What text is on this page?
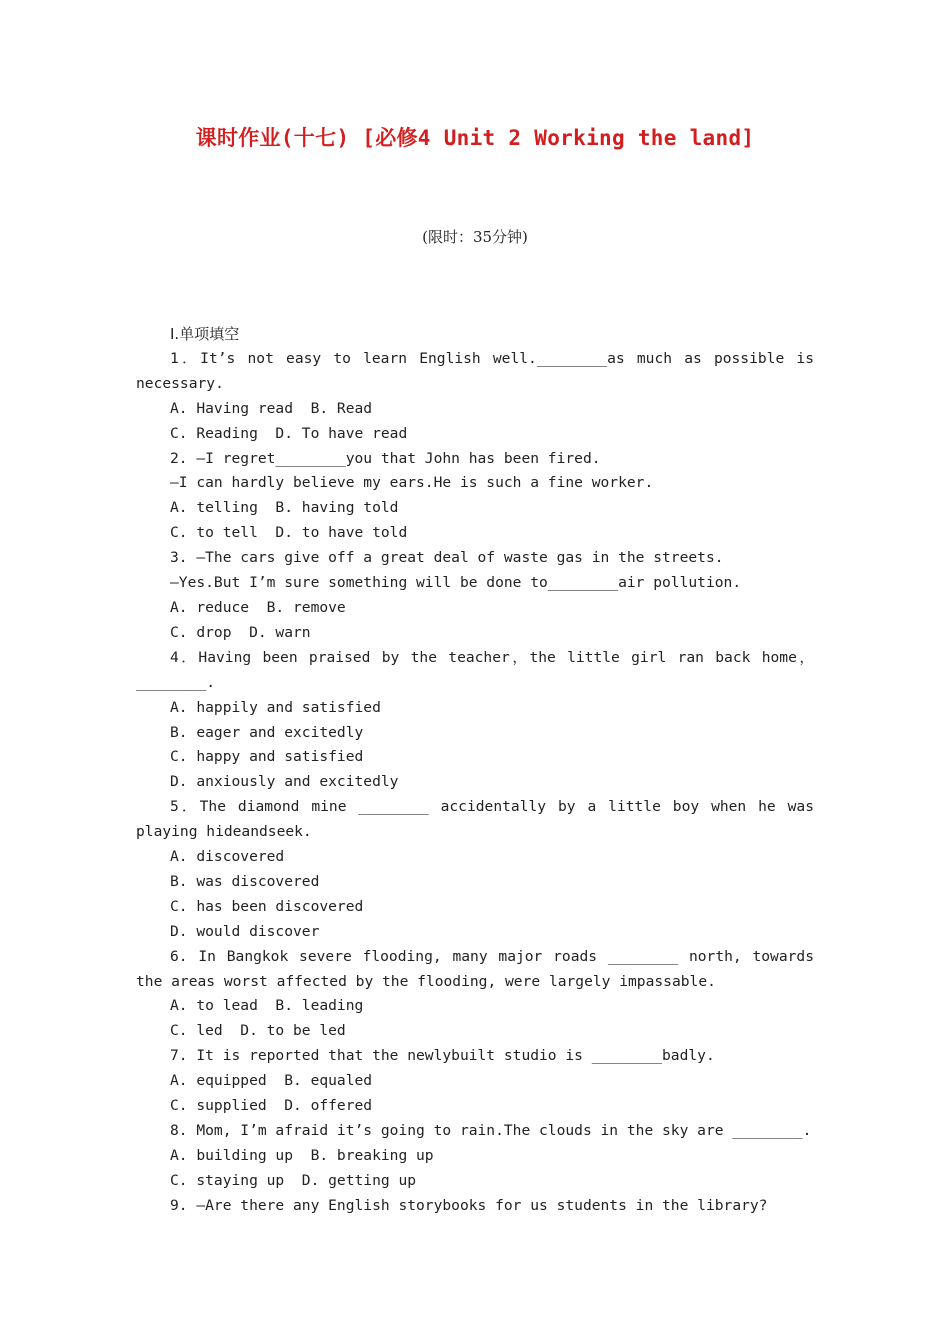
课时作业(十七) [必修4 Unit 2 Working the land]
(限时：35分钟)
Ⅰ.单项填空

1．It’s not easy to learn English well.________as much as possible is necessary.

A. Having read  B. Read

C. Reading  D. To have read

2. —I regret________you that John has been fired.

—I can hardly believe my ears.He is such a fine worker.

A. telling  B. having told

C. to tell  D. to have told

3. —The cars give off a great deal of waste gas in the streets.

—Yes.But I’m sure something will be done to________air pollution.

A. reduce  B. remove

C. drop  D. warn

4．Having been praised by the teacher，the little girl ran back home，________.

A. happily and satisfied

B. eager and excitedly

C. happy and satisfied

D. anxiously and excitedly

5．The diamond mine ________ accidentally by a little boy when he was playing hideandseek.

A. discovered

B. was discovered

C. has been discovered

D. would discover

6. In Bangkok severe flooding, many major roads ________ north, towards the areas worst affected by the flooding, were largely impassable.

A. to lead  B. leading

C. led  D. to be led

7. It is reported that the newlybuilt studio is ________badly.

A. equipped  B. equaled

C. supplied  D. offered

8. Mom, I’m afraid it’s going to rain.The clouds in the sky are ________.

A. building up  B. breaking up

C. staying up  D. getting up

9. —Are there any English storybooks for us students in the library?
